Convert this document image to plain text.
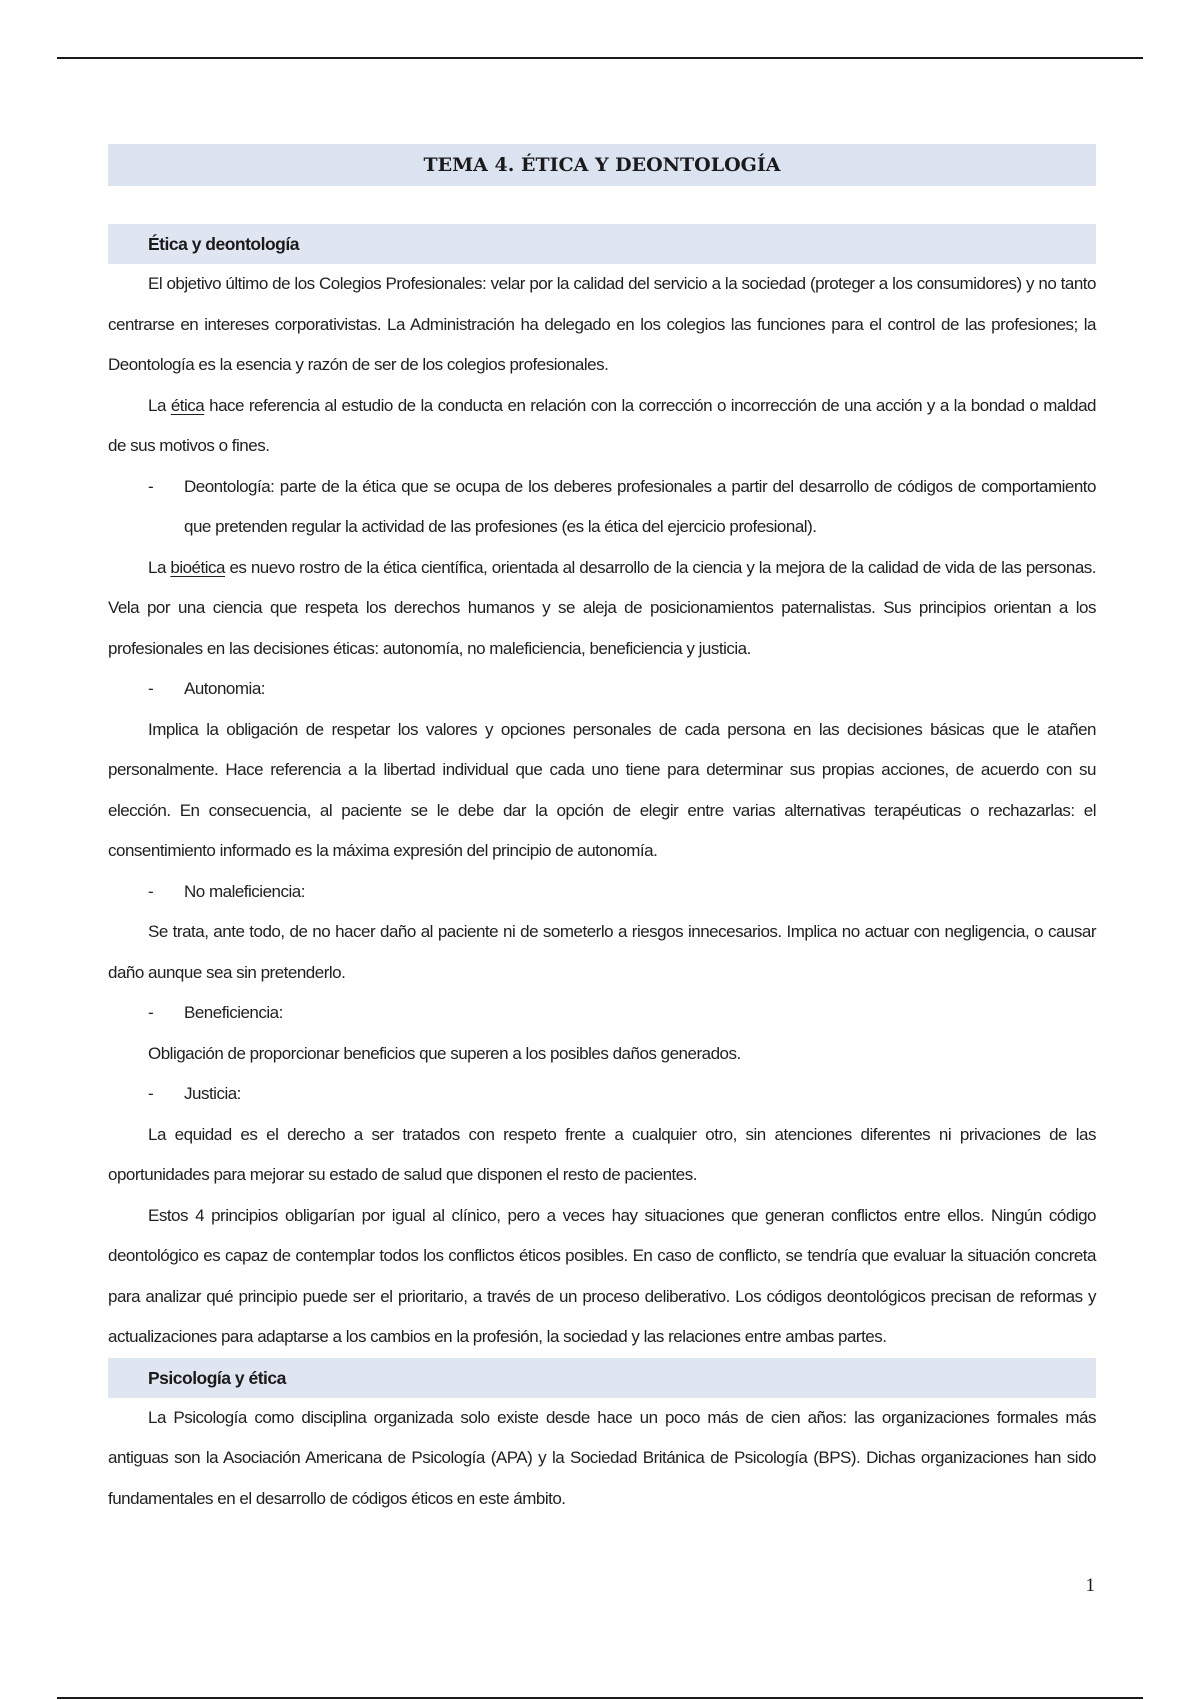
TEMA 4. ÉTICA Y DEONTOLOGÍA
Ética y deontología

El objetivo último de los Colegios Profesionales: velar por la calidad del servicio a la sociedad (proteger a los consumidores) y no tanto centrarse en intereses corporativistas. La Administración ha delegado en los colegios las funciones para el control de las profesiones; la Deontología es la esencia y razón de ser de los colegios profesionales.

La ética hace referencia al estudio de la conducta en relación con la corrección o incorrección de una acción y a la bondad o maldad de sus motivos o fines.

-	Deontología: parte de la ética que se ocupa de los deberes profesionales a partir del desarrollo de códigos de comportamiento que pretenden regular la actividad de las profesiones (es la ética del ejercicio profesional).

La bioética es nuevo rostro de la ética científica, orientada al desarrollo de la ciencia y la mejora de la calidad de vida de las personas. Vela por una ciencia que respeta los derechos humanos y se aleja de posicionamientos paternalistas. Sus principios orientan a los profesionales en las decisiones éticas: autonomía, no maleficiencia, beneficiencia y justicia.

-	Autonomia:

Implica la obligación de respetar los valores y opciones personales de cada persona en las decisiones básicas que le atañen personalmente. Hace referencia a la libertad individual que cada uno tiene para determinar sus propias acciones, de acuerdo con su elección. En consecuencia, al paciente se le debe dar la opción de elegir entre varias alternativas terapéuticas o rechazarlas: el consentimiento informado es la máxima expresión del principio de autonomía.

-	No maleficiencia:

Se trata, ante todo, de no hacer daño al paciente ni de someterlo a riesgos innecesarios. Implica no actuar con negligencia, o causar daño aunque sea sin pretenderlo.

-	Beneficiencia:

Obligación de proporcionar beneficios que superen a los posibles daños generados.

-	Justicia:

La equidad es el derecho a ser tratados con respeto frente a cualquier otro, sin atenciones diferentes ni privaciones de las oportunidades para mejorar su estado de salud que disponen el resto de pacientes.

Estos 4 principios obligarían por igual al clínico, pero a veces hay situaciones que generan conflictos entre ellos. Ningún código deontológico es capaz de contemplar todos los conflictos éticos posibles. En caso de conflicto, se tendría que evaluar la situación concreta para analizar qué principio puede ser el prioritario, a través de un proceso deliberativo. Los códigos deontológicos precisan de reformas y actualizaciones para adaptarse a los cambios en la profesión, la sociedad y las relaciones entre ambas partes.

Psicología y ética

La Psicología como disciplina organizada solo existe desde hace un poco más de cien años: las organizaciones formales más antiguas son la Asociación Americana de Psicología (APA) y la Sociedad Británica de Psicología (BPS). Dichas organizaciones han sido fundamentales en el desarrollo de códigos éticos en este ámbito.

1
